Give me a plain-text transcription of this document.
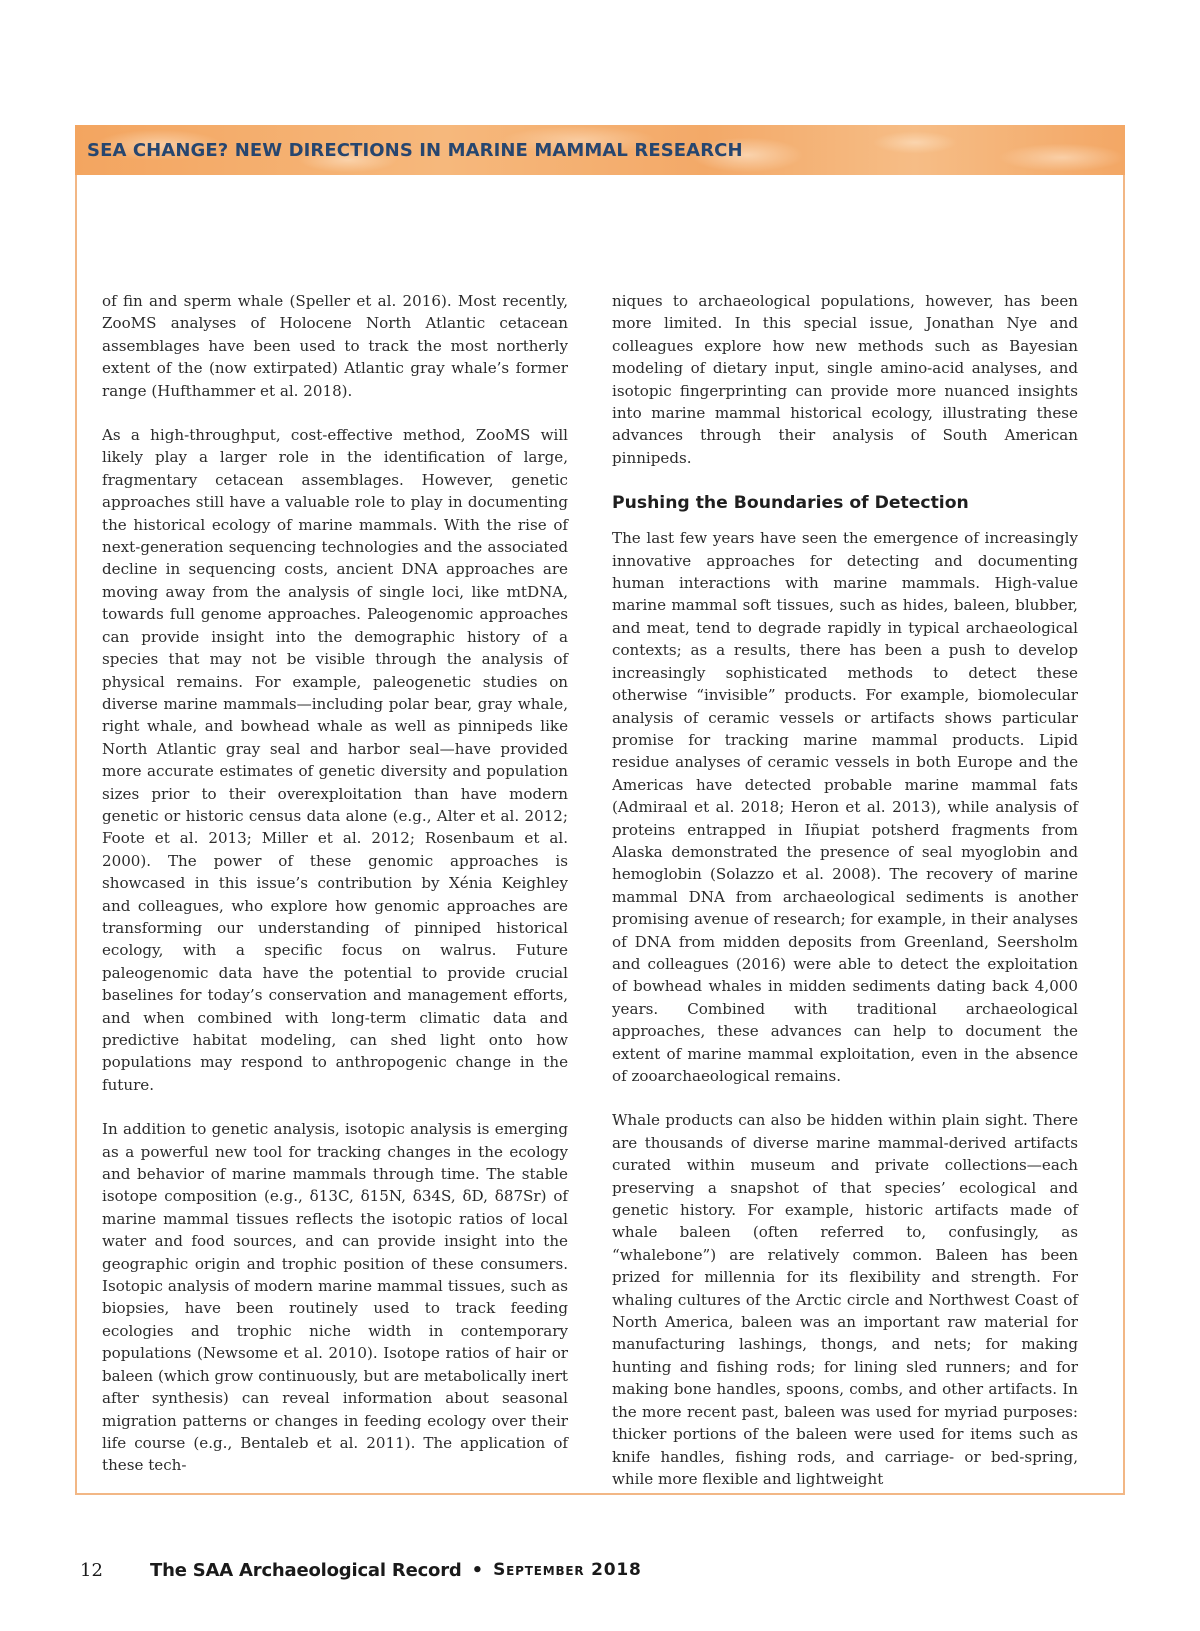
SEA CHANGE? NEW DIRECTIONS IN MARINE MAMMAL RESEARCH

of fin and sperm whale (Speller et al. 2016). Most recently, ZooMS analyses of Holocene North Atlantic cetacean assemblages have been used to track the most northerly extent of the (now extirpated) Atlantic gray whale’s former range (Hufthammer et al. 2018).

As a high-throughput, cost-effective method, ZooMS will likely play a larger role in the identification of large, fragmentary cetacean assemblages. However, genetic approaches still have a valuable role to play in documenting the historical ecology of marine mammals. With the rise of next-generation sequencing technologies and the associated decline in sequencing costs, ancient DNA approaches are moving away from the analysis of single loci, like mtDNA, towards full genome approaches. Paleogenomic approaches can provide insight into the demographic history of a species that may not be visible through the analysis of physical remains. For example, paleogenetic studies on diverse marine mammals—including polar bear, gray whale, right whale, and bowhead whale as well as pinnipeds like North Atlantic gray seal and harbor seal—have provided more accurate estimates of genetic diversity and population sizes prior to their overexploitation than have modern genetic or historic census data alone (e.g., Alter et al. 2012; Foote et al. 2013; Miller et al. 2012; Rosenbaum et al. 2000). The power of these genomic approaches is showcased in this issue’s contribution by Xénia Keighley and colleagues, who explore how genomic approaches are transforming our understanding of pinniped historical ecology, with a specific focus on walrus. Future paleogenomic data have the potential to provide crucial baselines for today’s conservation and management efforts, and when combined with long-term climatic data and predictive habitat modeling, can shed light onto how populations may respond to anthropogenic change in the future.

In addition to genetic analysis, isotopic analysis is emerging as a powerful new tool for tracking changes in the ecology and behavior of marine mammals through time. The stable isotope composition (e.g., δ13C, δ15N, δ34S, δD, δ87Sr) of marine mammal tissues reflects the isotopic ratios of local water and food sources, and can provide insight into the geographic origin and trophic position of these consumers. Isotopic analysis of modern marine mammal tissues, such as biopsies, have been routinely used to track feeding ecologies and trophic niche width in contemporary populations (Newsome et al. 2010). Isotope ratios of hair or baleen (which grow continuously, but are metabolically inert after synthesis) can reveal information about seasonal migration patterns or changes in feeding ecology over their life course (e.g., Bentaleb et al. 2011). The application of these tech-

niques to archaeological populations, however, has been more limited. In this special issue, Jonathan Nye and colleagues explore how new methods such as Bayesian modeling of dietary input, single amino-acid analyses, and isotopic fingerprinting can provide more nuanced insights into marine mammal historical ecology, illustrating these advances through their analysis of South American pinnipeds.

Pushing the Boundaries of Detection

The last few years have seen the emergence of increasingly innovative approaches for detecting and documenting human interactions with marine mammals. High-value marine mammal soft tissues, such as hides, baleen, blubber, and meat, tend to degrade rapidly in typical archaeological contexts; as a results, there has been a push to develop increasingly sophisticated methods to detect these otherwise “invisible” products. For example, biomolecular analysis of ceramic vessels or artifacts shows particular promise for tracking marine mammal products. Lipid residue analyses of ceramic vessels in both Europe and the Americas have detected probable marine mammal fats (Admiraal et al. 2018; Heron et al. 2013), while analysis of proteins entrapped in Iñupiat potsherd fragments from Alaska demonstrated the presence of seal myoglobin and hemoglobin (Solazzo et al. 2008). The recovery of marine mammal DNA from archaeological sediments is another promising avenue of research; for example, in their analyses of DNA from midden deposits from Greenland, Seersholm and colleagues (2016) were able to detect the exploitation of bowhead whales in midden sediments dating back 4,000 years. Combined with traditional archaeological approaches, these advances can help to document the extent of marine mammal exploitation, even in the absence of zooarchaeological remains.

Whale products can also be hidden within plain sight. There are thousands of diverse marine mammal-derived artifacts curated within museum and private collections—each preserving a snapshot of that species’ ecological and genetic history. For example, historic artifacts made of whale baleen (often referred to, confusingly, as “whalebone”) are relatively common. Baleen has been prized for millennia for its flexibility and strength. For whaling cultures of the Arctic circle and Northwest Coast of North America, baleen was an important raw material for manufacturing lashings, thongs, and nets; for making hunting and fishing rods; for lining sled runners; and for making bone handles, spoons, combs, and other artifacts. In the more recent past, baleen was used for myriad purposes: thicker portions of the baleen were used for items such as knife handles, fishing rods, and carriage- or bed-spring, while more flexible and lightweight

12	The SAA Archaeological Record • September 2018
